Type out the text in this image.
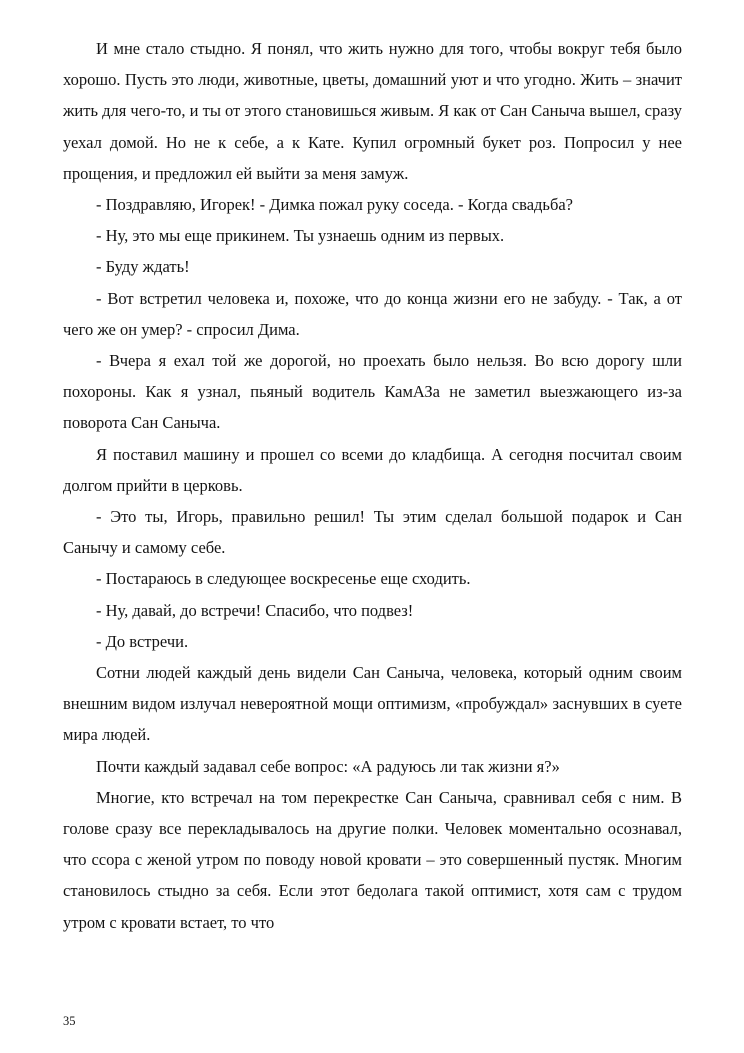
И мне стало стыдно. Я понял, что жить нужно для того, чтобы вокруг тебя было хорошо. Пусть это люди, животные, цветы, домашний уют и что угодно. Жить – значит жить для чего-то, и ты от этого становишься живым. Я как от Сан Саныча вышел, сразу уехал домой. Но не к себе, а к Кате. Купил огромный букет роз. Попросил у нее прощения, и предложил ей выйти за меня замуж.

- Поздравляю, Игорек! - Димка пожал руку соседа. - Когда свадьба?

- Ну, это мы еще прикинем. Ты узнаешь одним из первых.

- Буду ждать!

- Вот встретил человека и, похоже, что до конца жизни его не забуду. - Так, а от чего же он умер? - спросил Дима.

- Вчера я ехал той же дорогой, но проехать было нельзя. Во всю дорогу шли похороны. Как я узнал, пьяный водитель КамАЗа не заметил выезжающего из-за поворота Сан Саныча.

Я поставил машину и прошел со всеми до кладбища. А сегодня посчитал своим долгом прийти в церковь.

- Это ты, Игорь, правильно решил! Ты этим сделал большой подарок и Сан Санычу и самому себе.

- Постараюсь в следующее воскресенье еще сходить.

- Ну, давай, до встречи! Спасибо, что подвез!

- До встречи.

Сотни людей каждый день видели Сан Саныча, человека, который одним своим внешним видом излучал невероятной мощи оптимизм, «пробуждал» заснувших в суете мира людей.

Почти каждый задавал себе вопрос: «А радуюсь ли так жизни я?»

Многие, кто встречал на том перекрестке Сан Саныча, сравнивал себя с ним. В голове сразу все перекладывалось на другие полки. Человек моментально осознавал, что ссора с женой утром по поводу новой кровати – это совершенный пустяк. Многим становилось стыдно за себя. Если этот бедолага такой оптимист, хотя сам с трудом утром с кровати встает, то что

35
